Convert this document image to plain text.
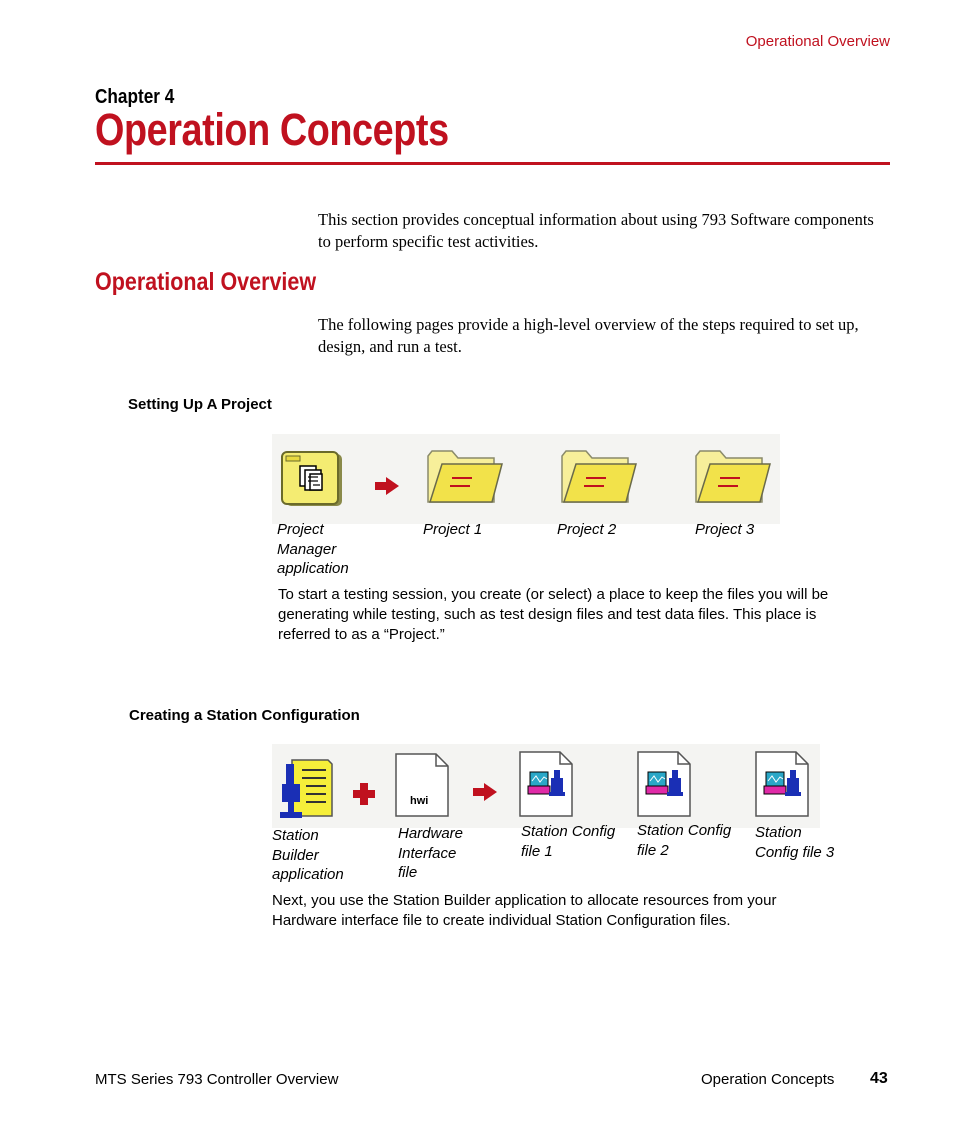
Operational Overview
Chapter 4
Operation Concepts
This section provides conceptual information about using 793 Software components to perform specific test activities.
Operational Overview
The following pages provide a high-level overview of the steps required to set up, design, and run a test.
Setting Up A Project
Project Manager application
Project 1	Project 2	Project 3
To start a testing session, you create (or select) a place to keep the files you will be generating while testing, such as test design files and test data files. This place is referred to as a “Project.”
Creating a Station Configuration
hwi
Station Builder application
Hardware Interface file
Station Config file 1
Station Config file 2
Station Config file 3
Next, you use the Station Builder application to allocate resources from your Hardware interface file to create individual Station Configuration files.
MTS Series 793 Controller Overview	Operation Concepts 43
